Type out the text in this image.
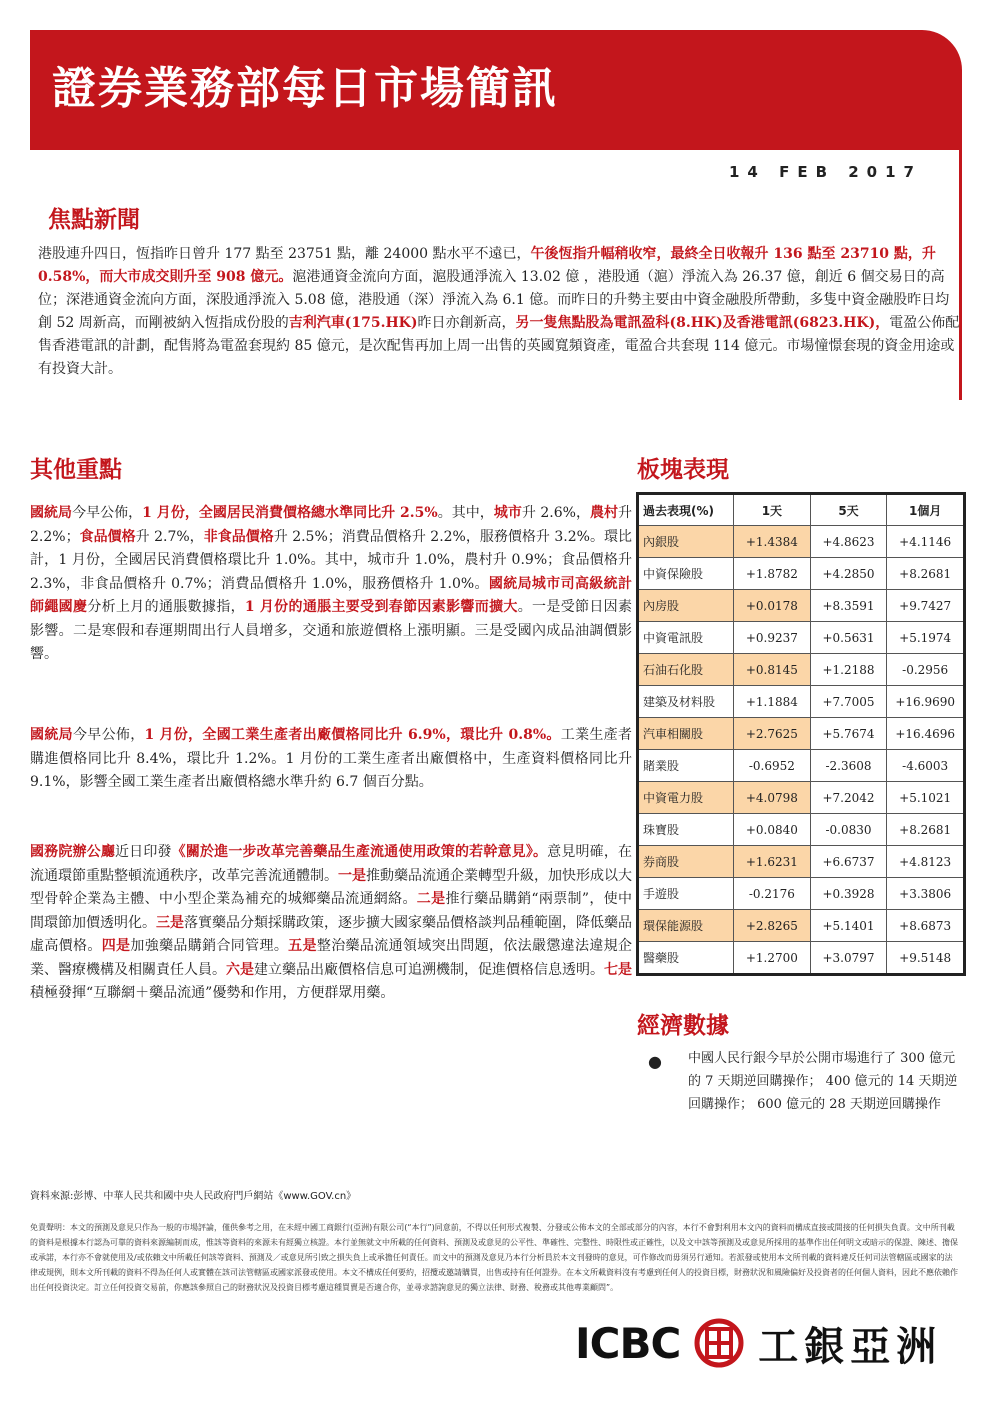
證券業務部每日市場簡訊
14 FEB 2017
焦點新聞
港股連升四日，恆指昨日曾升 177 點至 23751 點，離 24000 點水平不遠已，午後恆指升幅稍收窄，最終全日收報升 136 點至 23710 點，升 0.58%，而大市成交則升至 908 億元。滬港通資金流向方面，滬股通淨流入 13.02 億 ，港股通（滬）淨流入為 26.37 億，創近 6 個交易日的高位；深港通資金流向方面，深股通淨流入 5.08 億，港股通（深）淨流入為 6.1 億。而昨日的升勢主要由中資金融股所帶動，多隻中資金融股昨日均創 52 周新高，而剛被納入恆指成份股的吉利汽車(175.HK)昨日亦創新高，另一隻焦點股為電訊盈科(8.HK)及香港電訊(6823.HK)，電盈公佈配售香港電訊的計劃，配售將為電盈套現約 85 億元，是次配售再加上周一出售的英國寬頻資產，電盈合共套現 114 億元。市場憧憬套現的資金用途或有投資大計。
其他重點
國統局今早公佈，1 月份，全國居民消費價格總水準同比升 2.5%。其中，城市升 2.6%，農村升 2.2%；食品價格升 2.7%，非食品價格升 2.5%；消費品價格升 2.2%，服務價格升 3.2%。環比計，1 月份，全國居民消費價格環比升 1.0%。其中，城市升 1.0%，農村升 0.9%；食品價格升 2.3%，非食品價格升 0.7%；消費品價格升 1.0%，服務價格升 1.0%。國統局城市司高級統計師繩國慶分析上月的通脹數據指，1 月份的通脹主要受到春節因素影響而擴大。一是受節日因素影響。二是寒假和春運期間出行人員增多，交通和旅遊價格上漲明顯。三是受國內成品油調價影響。
國統局今早公佈，1 月份，全國工業生產者出廠價格同比升 6.9%，環比升 0.8%。工業生產者購進價格同比升 8.4%，環比升 1.2%。1 月份的工業生產者出廠價格中，生產資料價格同比升 9.1%，影響全國工業生產者出廠價格總水準升約 6.7 個百分點。
國務院辦公廳近日印發《關於進一步改革完善藥品生產流通使用政策的若幹意見》。意見明確，在流通環節重點整頓流通秩序，改革完善流通體制。一是推動藥品流通企業轉型升級，加快形成以大型骨幹企業為主體、中小型企業為補充的城鄉藥品流通網絡。二是推行藥品購銷“兩票制”，使中間環節加價透明化。三是落實藥品分類採購政策，逐步擴大國家藥品價格談判品種範圍，降低藥品虛高價格。四是加強藥品購銷合同管理。五是整治藥品流通領域突出問題，依法嚴懲違法違規企業、醫療機構及相關責任人員。六是建立藥品出廠價格信息可追溯機制，促進價格信息透明。七是積極發揮“互聯網＋藥品流通”優勢和作用，方便群眾用藥。
板塊表現
過去表現(%)	1天	5天	1個月
內銀股	+1.4384	+4.8623	+4.1146
中資保險股	+1.8782	+4.2850	+8.2681
內房股	+0.0178	+8.3591	+9.7427
中資電訊股	+0.9237	+0.5631	+5.1974
石油石化股	+0.8145	+1.2188	-0.2956
建築及材料股	+1.1884	+7.7005	+16.9690
汽車相關股	+2.7625	+5.7674	+16.4696
賭業股	-0.6952	-2.3608	-4.6003
中資電力股	+4.0798	+7.2042	+5.1021
珠寶股	+0.0840	-0.0830	+8.2681
券商股	+1.6231	+6.6737	+4.8123
手遊股	-0.2176	+0.3928	+3.3806
環保能源股	+2.8265	+5.1401	+8.6873
醫藥股	+1.2700	+3.0797	+9.5148
經濟數據
● 中國人民行銀今早於公開市場進行了 300 億元的 7 天期逆回購操作； 400 億元的 14 天期逆回購操作； 600 億元的 28 天期逆回購操作
資料來源:彭博、中華人民共和國中央人民政府門戶網站《www.GOV.cn》
免責聲明：本文的預測及意見只作為一般的市場評論，僅供參考之用，在未經中國工商銀行(亞洲)有限公司(“本行”)同意前，不得以任何形式複製、分發或公佈本文的全部或部分的內容，本行不會對利用本文內的資料而構成直接或間接的任何損失負責。文中所刊載的資料是根據本行認為可靠的資料來源編制而成，惟該等資料的來源未有經獨立核證。本行並無就文中所載的任何資料、預測及或意見的公平性、準確性、完整性、時限性或正確性，以及文中該等預測及或意見所採用的基準作出任何明文或暗示的保證、陳述、擔保或承諾，本行亦不會就使用及/或依賴文中所載任何該等資料、預測及／或意見所引致之損失負上或承擔任何責任。而文中的預測及意見乃本行分析員於本文刊發時的意見，可作修改而毋須另行通知。若派發或使用本文所刊載的資料違反任何司法管轄區或國家的法律或規例，則本文所刊載的資料不得為任何人或實體在該司法管轄區或國家派發或使用。本文不構成任何要約，招攬或邀請購買，出售或持有任何證券。在本文所載資料沒有考慮到任何人的投資目標，財務狀況和風險偏好及投資者的任何個人資料，因此不應依賴作出任何投資決定。訂立任何投資交易前，你應該參照自己的財務狀況及投資目標考慮這種買賣是否適合你，並尋求諮詢意見的獨立法律、財務、稅務或其他專業顧問”。
ICBC 工銀亞洲
